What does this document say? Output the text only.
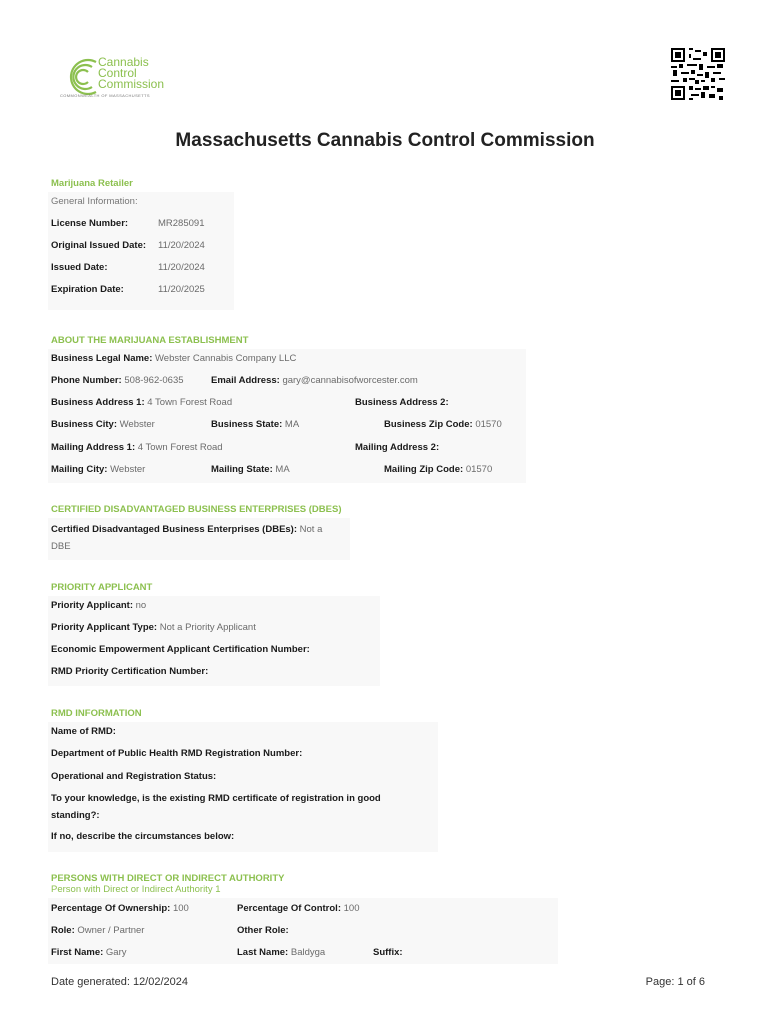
Cannabis
Control
Commission
COMMONWEALTH OF MASSACHUSETTS
Massachusetts Cannabis Control Commission
Marijuana Retailer
General Information:
License Number:	MR285091
Original Issued Date: 11/20/2024
Issued Date:	11/20/2024
Expiration Date:	11/20/2025
ABOUT THE MARIJUANA ESTABLISHMENT
Business Legal Name: Webster Cannabis Company LLC
Phone Number: 508-962-0635	Email Address: gary@cannabisofworcester.com
Business Address 1: 4 Town Forest Road	Business Address 2:
Business City: Webster	Business State: MA	Business Zip Code: 01570
Mailing Address 1: 4 Town Forest Road	Mailing Address 2:
Mailing City: Webster	Mailing State: MA	Mailing Zip Code: 01570
CERTIFIED DISADVANTAGED BUSINESS ENTERPRISES (DBES)
Certified Disadvantaged Business Enterprises (DBEs): Not a
DBE
PRIORITY APPLICANT
Priority Applicant: no
Priority Applicant Type: Not a Priority Applicant
Economic Empowerment Applicant Certification Number:
RMD Priority Certification Number:
RMD INFORMATION
Name of RMD:
Department of Public Health RMD Registration Number:
Operational and Registration Status:
To your knowledge, is the existing RMD certificate of registration in good
standing?:
If no, describe the circumstances below:
PERSONS WITH DIRECT OR INDIRECT AUTHORITY
Person with Direct or Indirect Authority 1
Percentage Of Ownership: 100	Percentage Of Control: 100
Role: Owner / Partner	Other Role:
First Name: Gary	Last Name: Baldyga	Suffix:
Date generated: 12/02/2024	Page: 1 of 6
